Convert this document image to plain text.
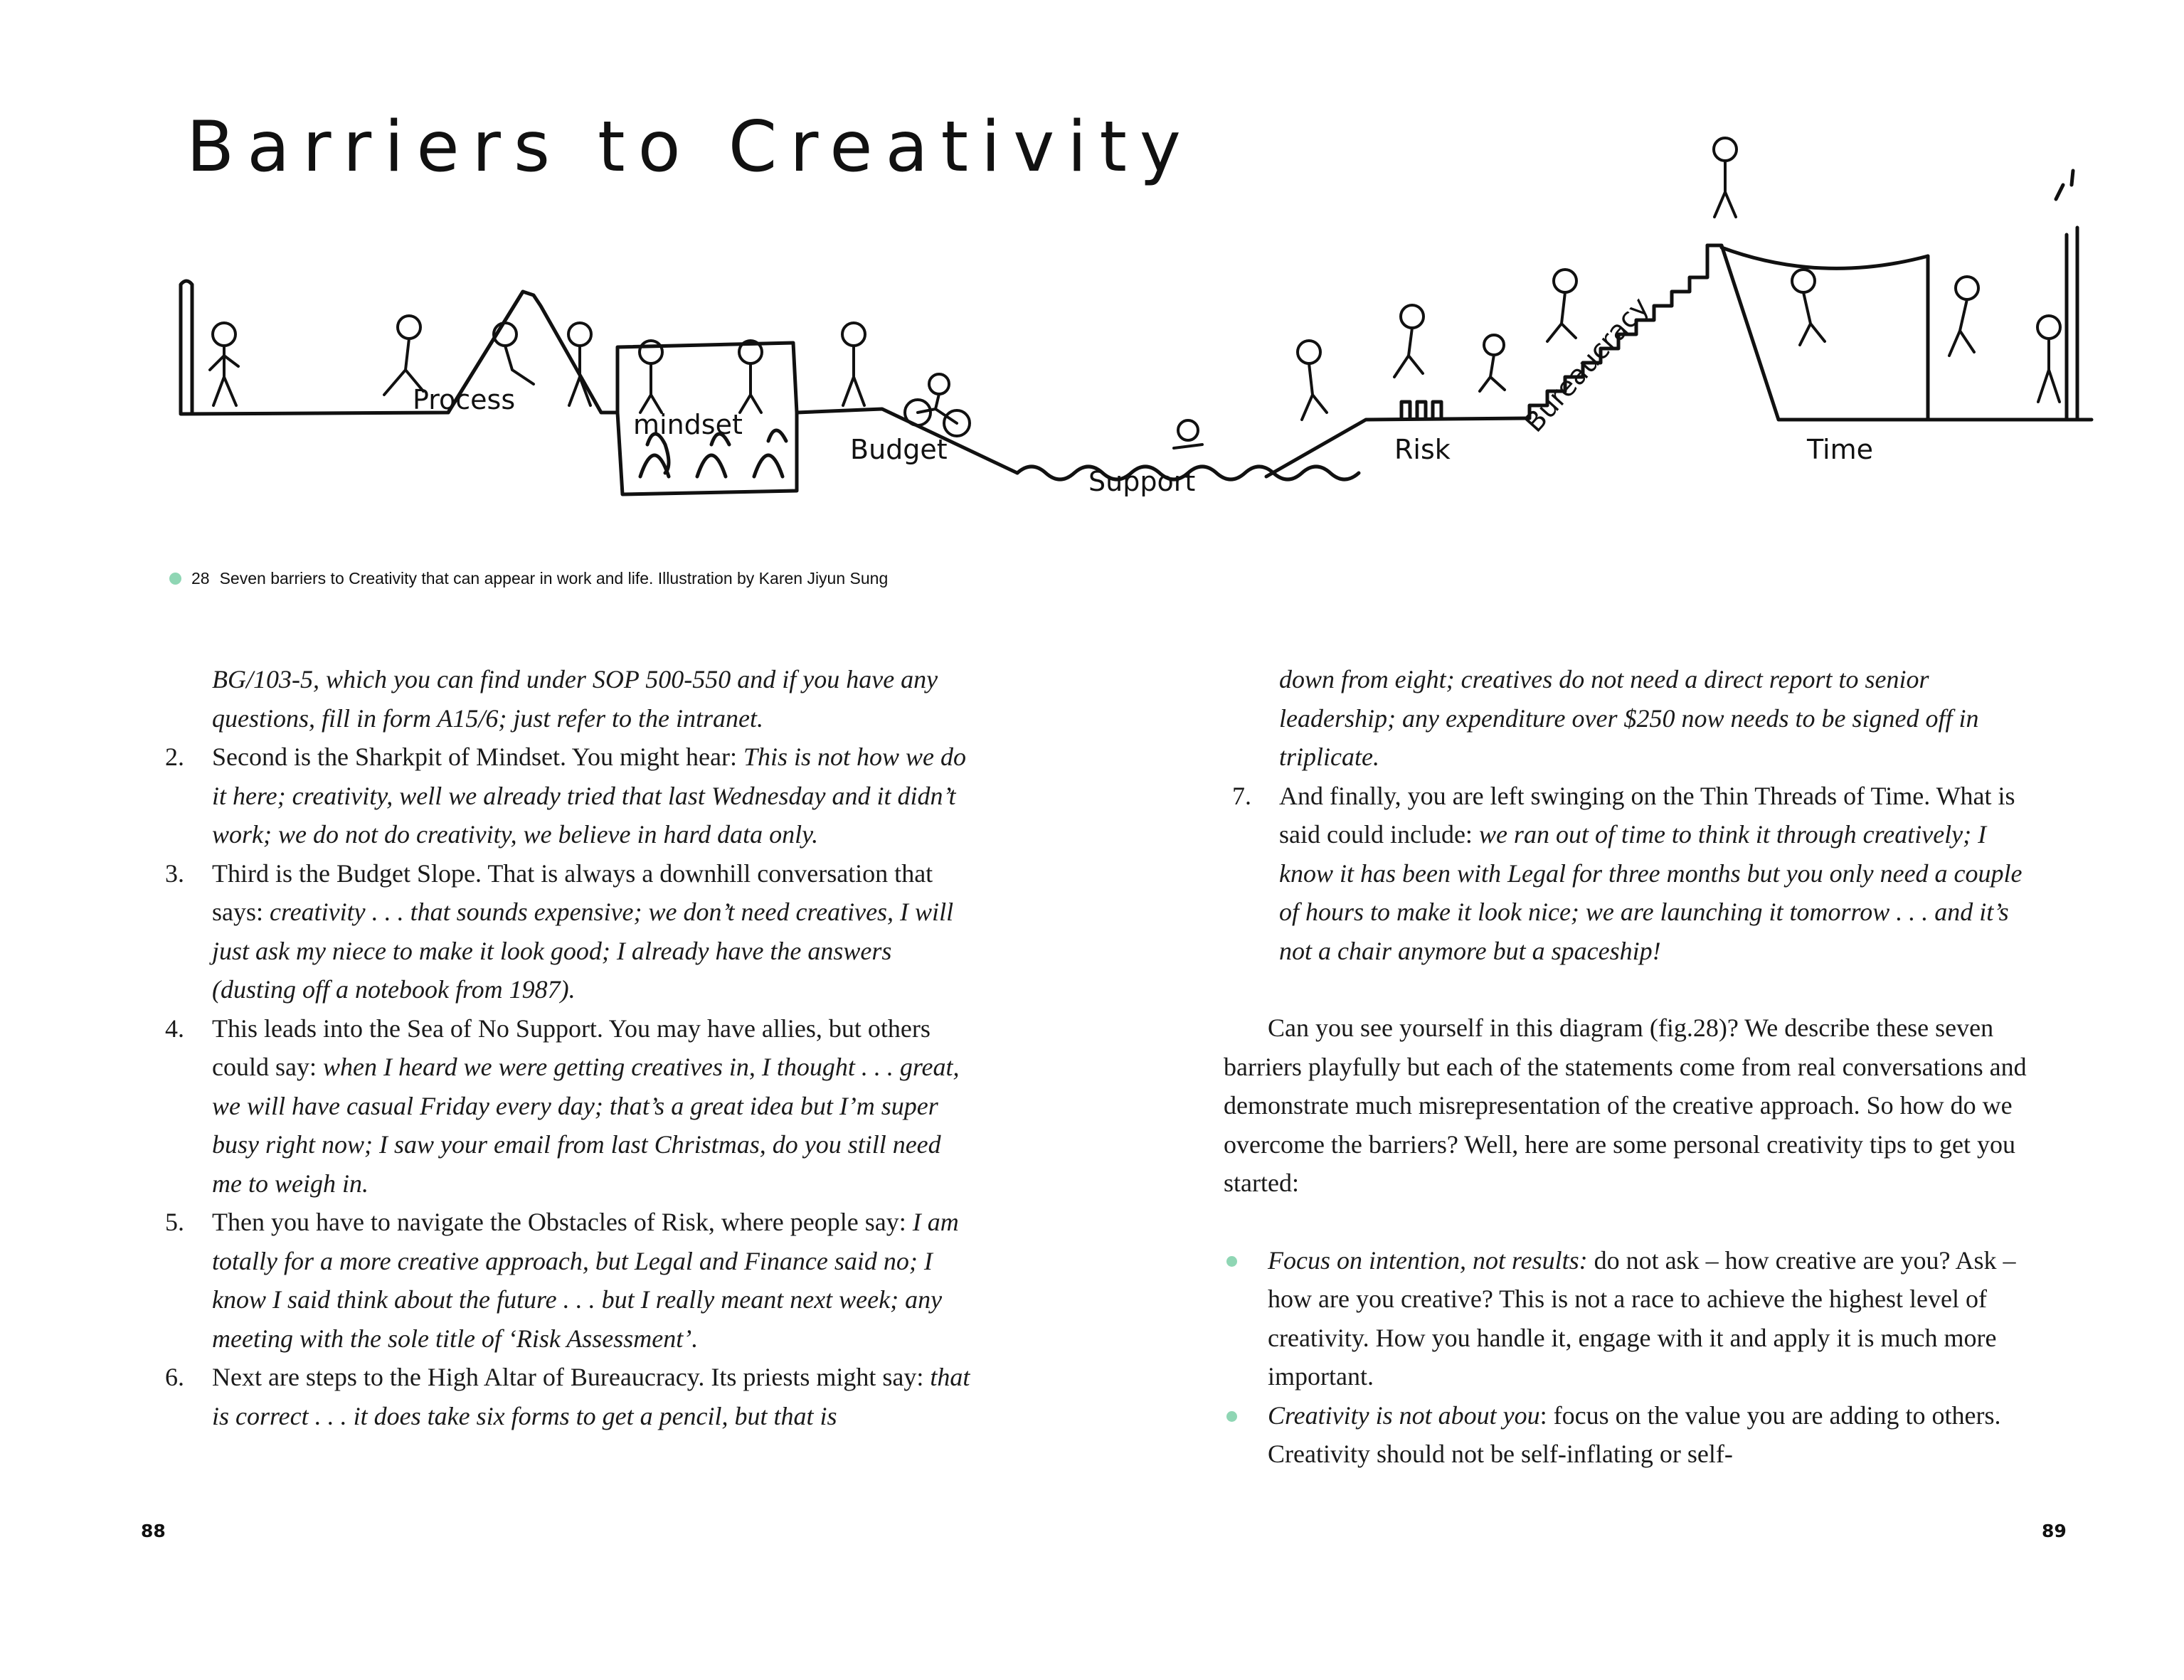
Barriers to Creativity
Process
mindset
Budget
Support
Risk
Bureaucracy
Time
28 Seven barriers to Creativity that can appear in work and life. Illustration by Karen Jiyun Sung

BG/103-5, which you can find under SOP 500-550 and if you have any questions, fill in form A15/6; just refer to the intranet.

2. Second is the Sharkpit of Mindset. You might hear: This is not how we do it here; creativity, well we already tried that last Wednesday and it didn’t work; we do not do creativity, we believe in hard data only.

3. Third is the Budget Slope. That is always a downhill conversation that says: creativity . . . that sounds expensive; we don’t need creatives, I will just ask my niece to make it look good; I already have the answers (dusting off a notebook from 1987).

4. This leads into the Sea of No Support. You may have allies, but others could say: when I heard we were getting creatives in, I thought . . . great, we will have casual Friday every day; that’s a great idea but I’m super busy right now; I saw your email from last Christmas, do you still need me to weigh in.

5. Then you have to navigate the Obstacles of Risk, where people say: I am totally for a more creative approach, but Legal and Finance said no; I know I said think about the future . . . but I really meant next week; any meeting with the sole title of ‘Risk Assessment’.

6. Next are steps to the High Altar of Bureaucracy. Its priests might say: that is correct . . . it does take six forms to get a pencil, but that is

down from eight; creatives do not need a direct report to senior leadership; any expenditure over $250 now needs to be signed off in triplicate.

7. And finally, you are left swinging on the Thin Threads of Time. What is said could include: we ran out of time to think it through creatively; I know it has been with Legal for three months but you only need a couple of hours to make it look nice; we are launching it tomorrow . . . and it’s not a chair anymore but a spaceship!

Can you see yourself in this diagram (fig.28)? We describe these seven barriers playfully but each of the statements come from real conversations and demonstrate much misrepresentation of the creative approach. So how do we overcome the barriers? Well, here are some personal creativity tips to get you started:

Focus on intention, not results: do not ask – how creative are you? Ask – how are you creative? This is not a race to achieve the highest level of creativity. How you handle it, engage with it and apply it is much more important.

Creativity is not about you: focus on the value you are adding to others. Creativity should not be self-inflating or self-

88	89
